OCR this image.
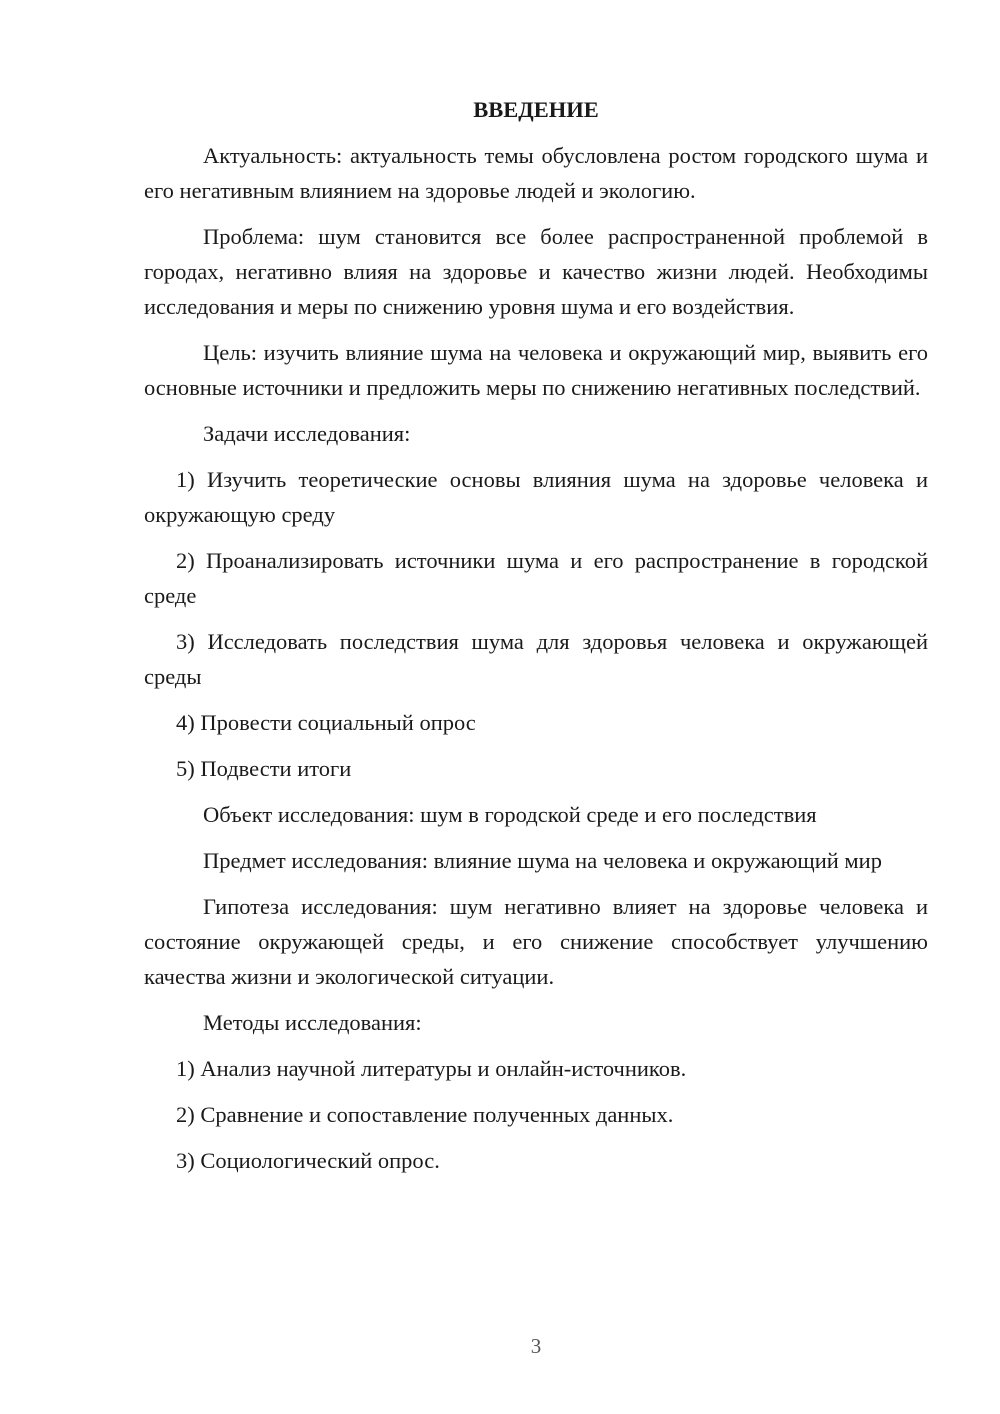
ВВЕДЕНИЕ

Актуальность: актуальность темы обусловлена ростом городского шума и его негативным влиянием на здоровье людей и экологию.

Проблема: шум становится все более распространенной проблемой в городах, негативно влияя на здоровье и качество жизни людей. Необходимы исследования и меры по снижению уровня шума и его воздействия.

Цель: изучить влияние шума на человека и окружающий мир, выявить его основные источники и предложить меры по снижению негативных последствий.

Задачи исследования:

1) Изучить теоретические основы влияния шума на здоровье человека и окружающую среду

2) Проанализировать источники шума и его распространение в городской среде

3) Исследовать последствия шума для здоровья человека и окружающей среды

4) Провести социальный опрос

5) Подвести итоги

Объект исследования: шум в городской среде и его последствия

Предмет исследования: влияние шума на человека и окружающий мир

Гипотеза исследования: шум негативно влияет на здоровье человека и состояние окружающей среды, и его снижение способствует улучшению качества жизни и экологической ситуации.

Методы исследования:

1) Анализ научной литературы и онлайн-источников.

2) Сравнение и сопоставление полученных данных.

3) Социологический опрос.

3
